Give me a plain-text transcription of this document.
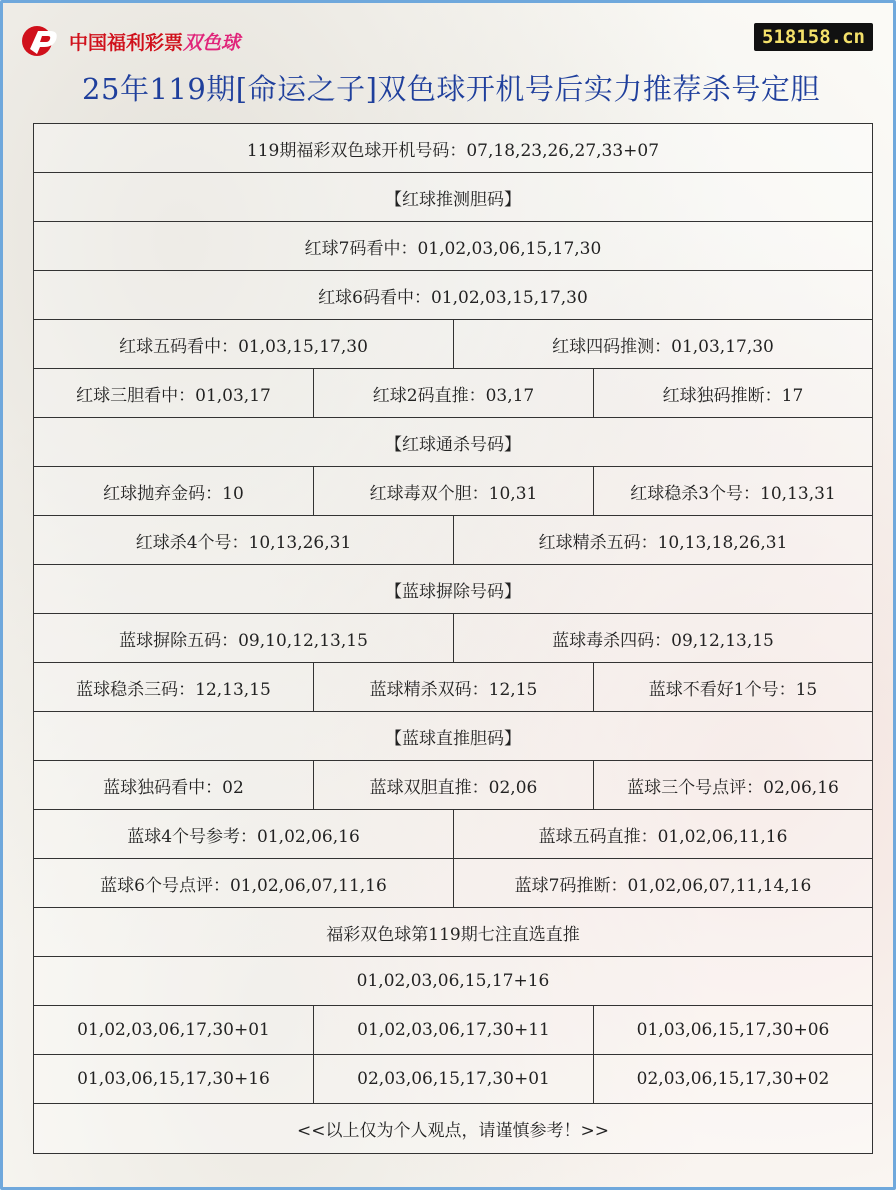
中国福利彩票双色球	518158.cn
25年119期[命运之子]双色球开机号后实力推荐杀号定胆
119期福彩双色球开机号码：07,18,23,26,27,33+07
【红球推测胆码】
红球7码看中：01,02,03,06,15,17,30
红球6码看中：01,02,03,15,17,30
红球五码看中：01,03,15,17,30	红球四码推测：01,03,17,30
红球三胆看中：01,03,17	红球2码直推：03,17	红球独码推断：17
【红球通杀号码】
红球抛弃金码：10	红球毒双个胆：10,31	红球稳杀3个号：10,13,31
红球杀4个号：10,13,26,31	红球精杀五码：10,13,18,26,31
【蓝球摒除号码】
蓝球摒除五码：09,10,12,13,15	蓝球毒杀四码：09,12,13,15
蓝球稳杀三码：12,13,15	蓝球精杀双码：12,15	蓝球不看好1个号：15
【蓝球直推胆码】
蓝球独码看中：02	蓝球双胆直推：02,06	蓝球三个号点评：02,06,16
蓝球4个号参考：01,02,06,16	蓝球五码直推：01,02,06,11,16
蓝球6个号点评：01,02,06,07,11,16	蓝球7码推断：01,02,06,07,11,14,16
福彩双色球第119期七注直选直推
01,02,03,06,15,17+16
01,02,03,06,17,30+01	01,02,03,06,17,30+11	01,03,06,15,17,30+06
01,03,06,15,17,30+16	02,03,06,15,17,30+01	02,03,06,15,17,30+02
<<以上仅为个人观点，请谨慎参考！>>
